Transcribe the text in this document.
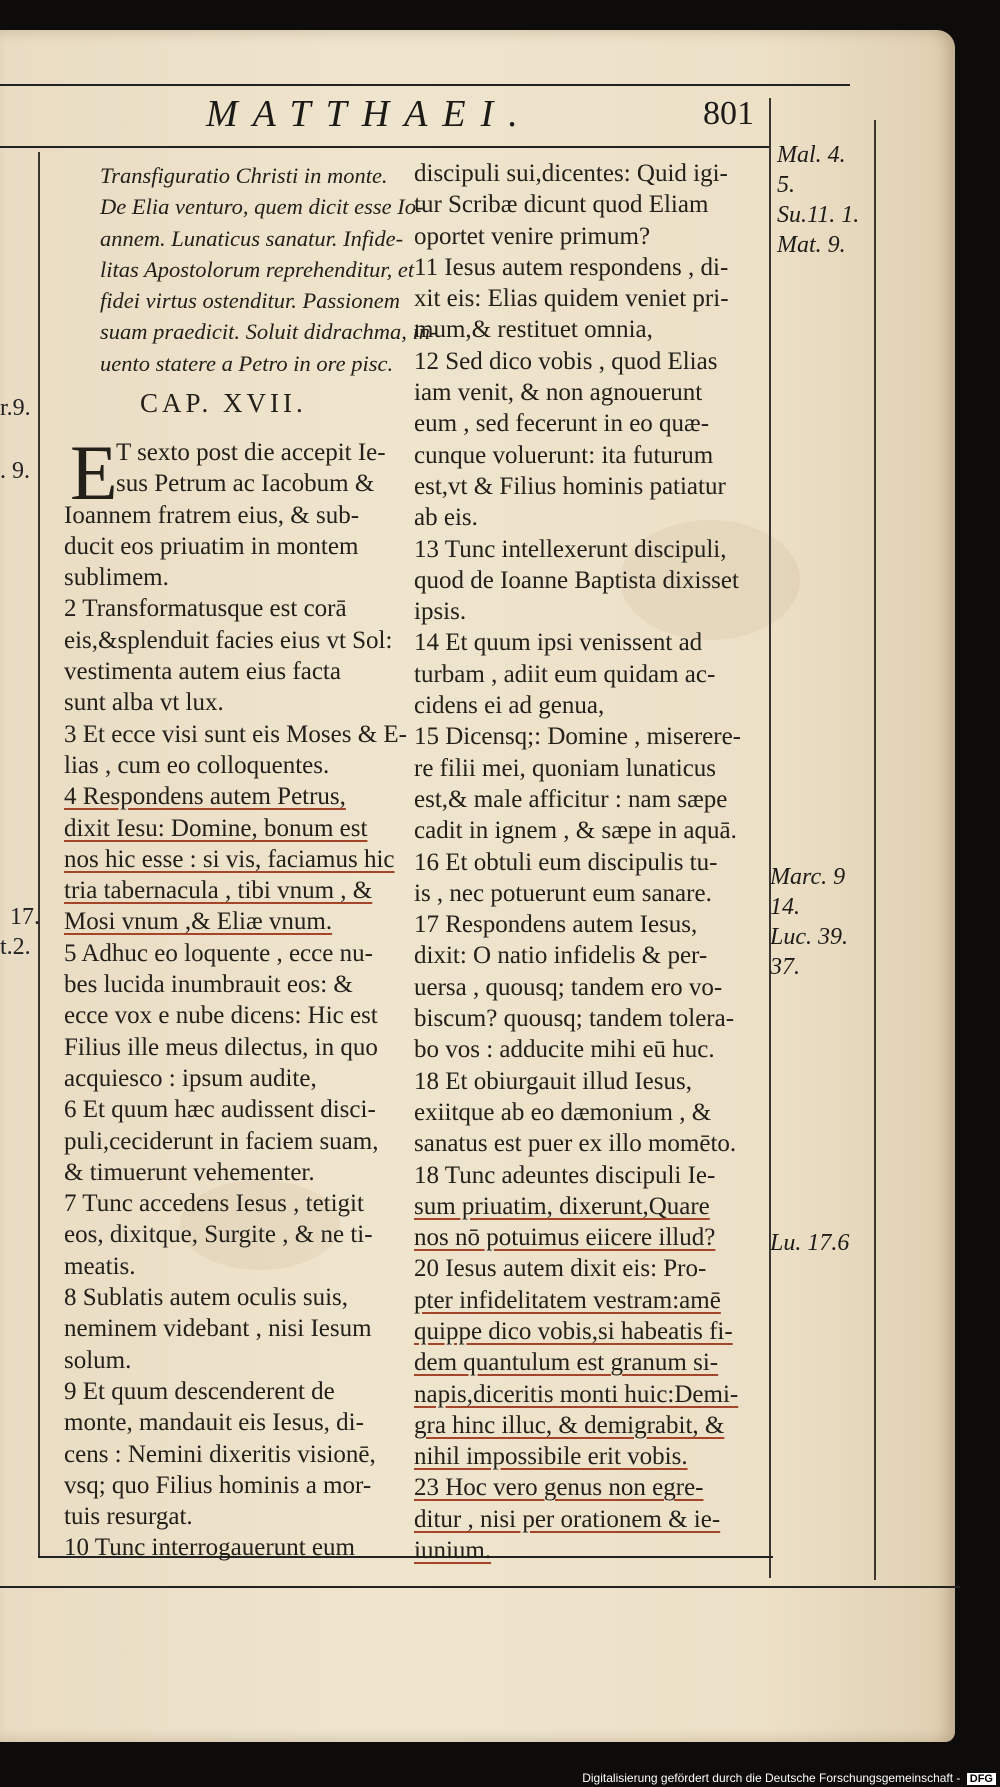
MATTHAEI.	801
r.9.
. 9.
17.
t.2.
Transfiguratio Christi in monte.
De Elia venturo, quem dicit esse Io-
annem. Lunaticus sanatur. Infide-
litas Apostolorum reprehenditur, et
fidei virtus ostenditur. Passionem
suam praedicit. Soluit didrachma, in-
uento statere a Petro in ore pisc.
CAP. XVII.
E
T sexto post die accepit Ie-
sus Petrum ac Iacobum &
Ioannem fratrem eius, & sub-
ducit eos priuatim in montem
sublimem.
2 Transformatusque est corā
eis,&splenduit facies eius vt Sol:
vestimenta autem eius facta
sunt alba vt lux.
3 Et ecce visi sunt eis Moses & E-
lias , cum eo colloquentes.
4 Respondens autem Petrus,
dixit Iesu: Domine, bonum est
nos hic esse : si vis, faciamus hic
tria tabernacula , tibi vnum , &
Mosi vnum ,& Eliæ vnum.
5 Adhuc eo loquente , ecce nu-
bes lucida inumbrauit eos: &
ecce vox e nube dicens: Hic est
Filius ille meus dilectus, in quo
acquiesco : ipsum audite,
6 Et quum hæc audissent disci-
puli,ceciderunt in faciem suam,
& timuerunt vehementer.
7 Tunc accedens Iesus , tetigit
eos, dixitque, Surgite , & ne ti-
meatis.
8 Sublatis autem oculis suis,
neminem videbant , nisi Iesum
solum.
9 Et quum descenderent de
monte, mandauit eis Iesus, di-
cens : Nemini dixeritis visionē,
vsq; quo Filius hominis a mor-
tuis resurgat.
10 Tunc interrogauerunt eum
discipuli sui,dicentes: Quid igi-
tur Scribæ dicunt quod Eliam
oportet venire primum?
11 Iesus autem respondens , di-
xit eis: Elias quidem veniet pri-
mum,& restituet omnia,
12 Sed dico vobis , quod Elias
iam venit, & non agnouerunt
eum , sed fecerunt in eo quæ-
cunque voluerunt: ita futurum
est,vt & Filius hominis patiatur
ab eis.
13 Tunc intellexerunt discipuli,
quod de Ioanne Baptista dixisset
ipsis.
14 Et quum ipsi venissent ad
turbam , adiit eum quidam ac-
cidens ei ad genua,
15 Dicensq;: Domine , miserere-
re filii mei, quoniam lunaticus
est,& male afficitur : nam sæpe
cadit in ignem , & sæpe in aquā.
16 Et obtuli eum discipulis tu-
is , nec potuerunt eum sanare.
17 Respondens autem Iesus,
dixit: O natio infidelis & per-
uersa , quousq; tandem ero vo-
biscum? quousq; tandem tolera-
bo vos : adducite mihi eū huc.
18 Et obiurgauit illud Iesus,
exiitque ab eo dæmonium , &
sanatus est puer ex illo momēto.
18 Tunc adeuntes discipuli Ie-
sum priuatim, dixerunt,Quare
nos nō potuimus eiicere illud?
20 Iesus autem dixit eis: Pro-
pter infidelitatem vestram:amē
quippe dico vobis,si habeatis fi-
dem quantulum est granum si-
napis,diceritis monti huic:Demi-
gra hinc illuc, & demigrabit, &
nihil impossibile erit vobis.
23 Hoc vero genus non egre-
ditur , nisi per orationem & ie-
iunium.
Mal. 4.
5.
Su.11. 1.
Mat. 9.
Marc. 9
14.
Luc. 39.
37.
Lu. 17.6
Digitalisierung gefördert durch die Deutsche Forschungsgemeinschaft - DFG
